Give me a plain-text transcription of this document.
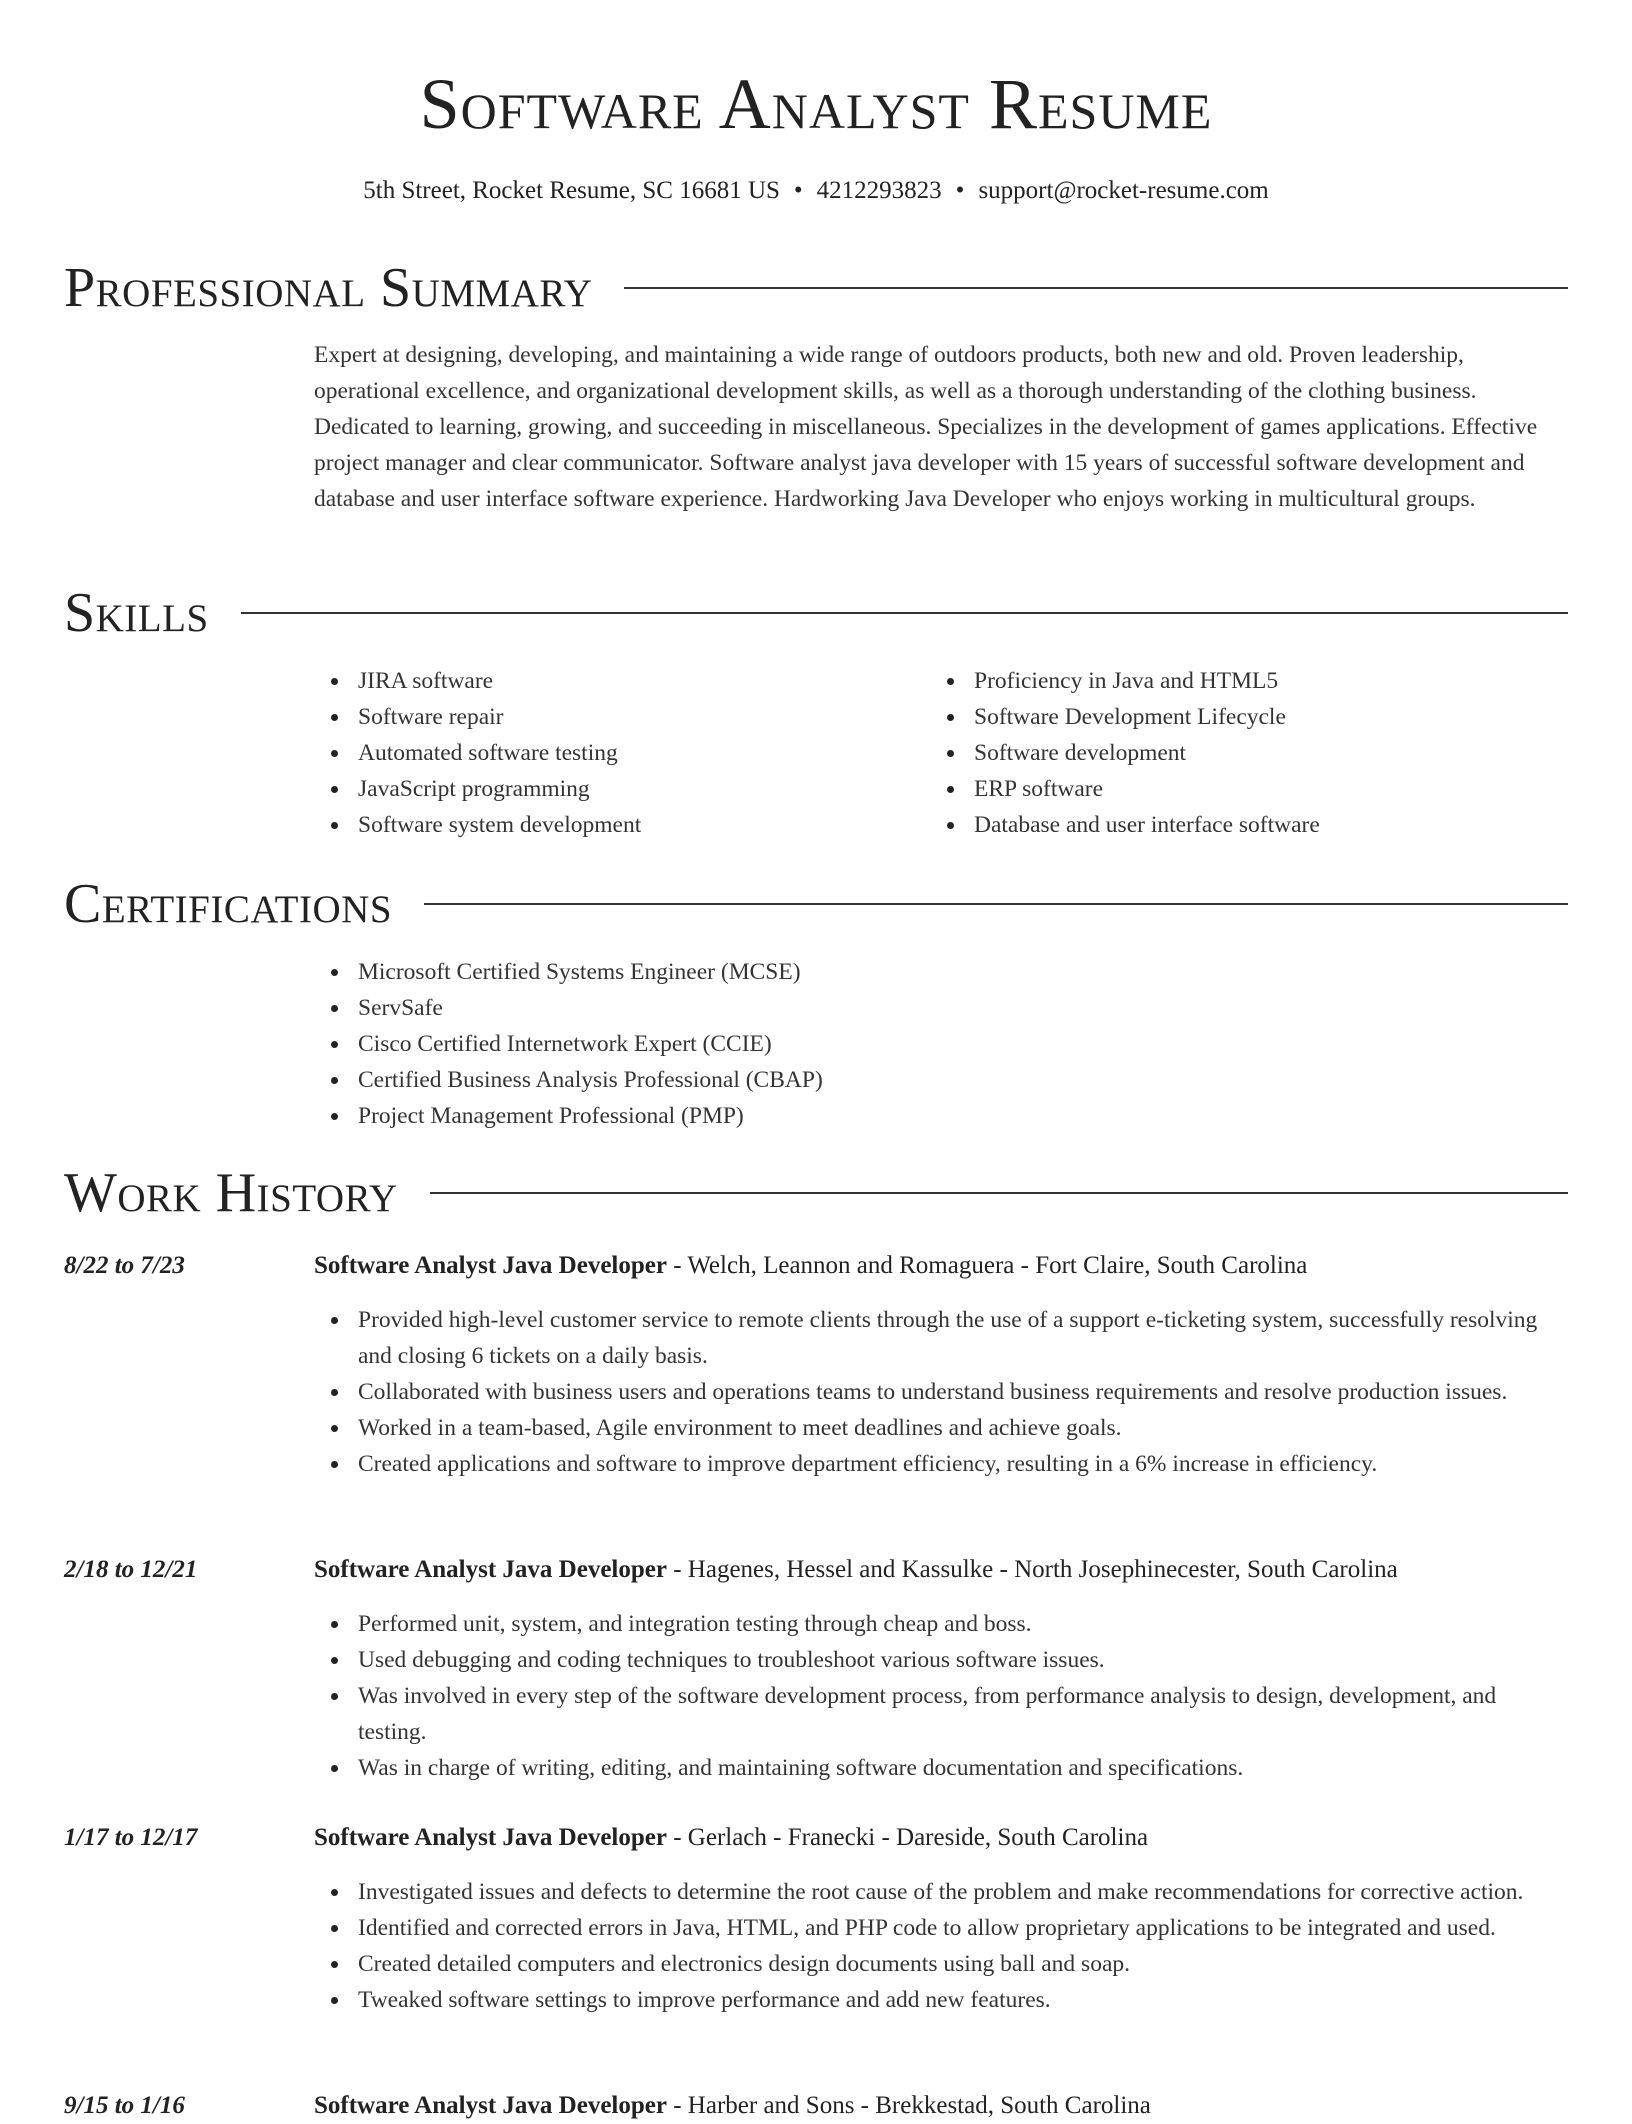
Software Analyst Resume
5th Street, Rocket Resume, SC 16681 US • 4212293823 • support@rocket-resume.com
Professional Summary

Expert at designing, developing, and maintaining a wide range of outdoors products, both new and old. Proven leadership, operational excellence, and organizational development skills, as well as a thorough understanding of the clothing business. Dedicated to learning, growing, and succeeding in miscellaneous. Specializes in the development of games applications. Effective project manager and clear communicator. Software analyst java developer with 15 years of successful software development and database and user interface software experience. Hardworking Java Developer who enjoys working in multicultural groups.

Skills
JIRA software
Software repair
Automated software testing
JavaScript programming
Software system development
Proficiency in Java and HTML5
Software Development Lifecycle
Software development
ERP software
Database and user interface software
Certifications
Microsoft Certified Systems Engineer (MCSE)
ServSafe
Cisco Certified Internetwork Expert (CCIE)
Certified Business Analysis Professional (CBAP)
Project Management Professional (PMP)
Work History
8/22 to 7/23	Software Analyst Java Developer - Welch, Leannon and Romaguera - Fort Claire, South Carolina
Provided high-level customer service to remote clients through the use of a support e-ticketing system, successfully resolving and closing 6 tickets on a daily basis.
Collaborated with business users and operations teams to understand business requirements and resolve production issues.
Worked in a team-based, Agile environment to meet deadlines and achieve goals.
Created applications and software to improve department efficiency, resulting in a 6% increase in efficiency.
2/18 to 12/21	Software Analyst Java Developer - Hagenes, Hessel and Kassulke - North Josephinecester, South Carolina
Performed unit, system, and integration testing through cheap and boss.
Used debugging and coding techniques to troubleshoot various software issues.
Was involved in every step of the software development process, from performance analysis to design, development, and testing.
Was in charge of writing, editing, and maintaining software documentation and specifications.
1/17 to 12/17	Software Analyst Java Developer - Gerlach - Franecki - Dareside, South Carolina
Investigated issues and defects to determine the root cause of the problem and make recommendations for corrective action.
Identified and corrected errors in Java, HTML, and PHP code to allow proprietary applications to be integrated and used.
Created detailed computers and electronics design documents using ball and soap.
Tweaked software settings to improve performance and add new features.
9/15 to 1/16	Software Analyst Java Developer - Harber and Sons - Brekkestad, South Carolina
